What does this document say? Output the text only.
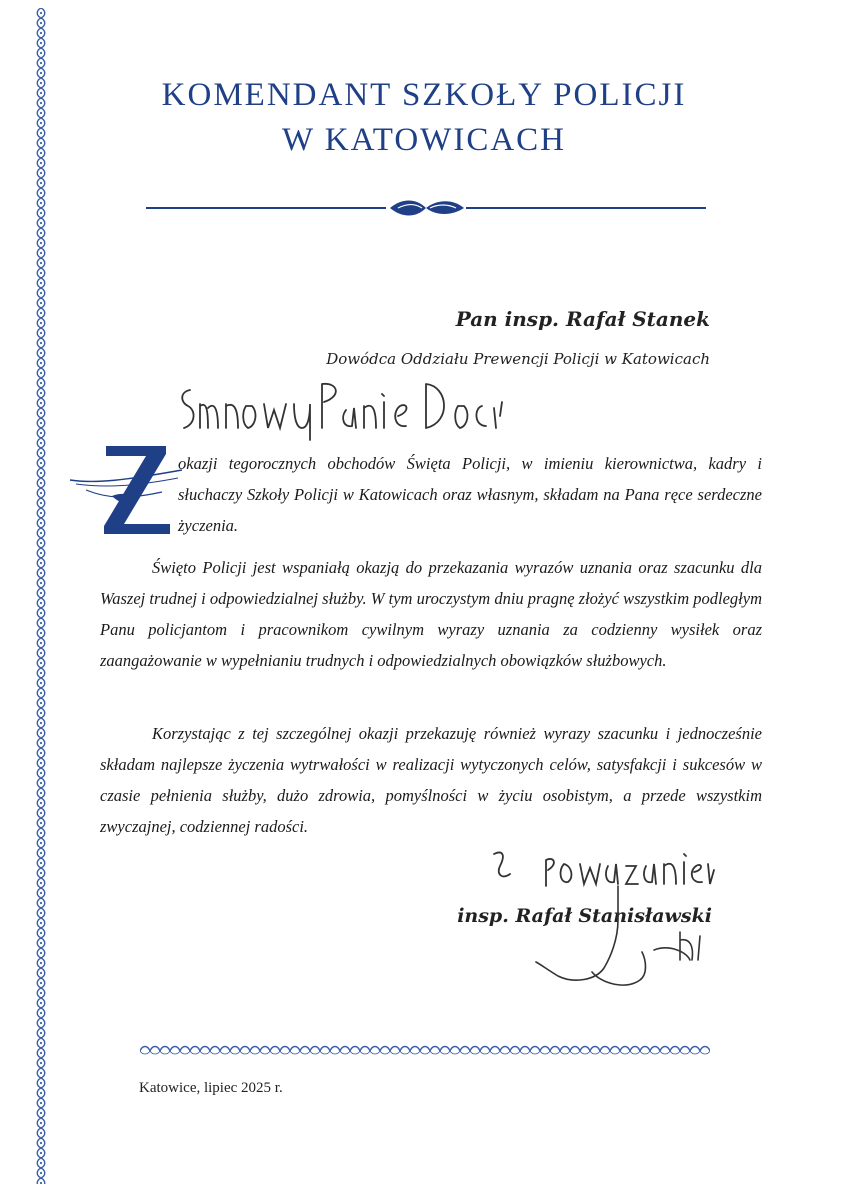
KOMENDANT SZKOŁY POLICJI
W KATOWICACH
Pan insp. Rafał Stanek
Dowódca Oddziału Prewencji Policji w Katowicach
Z
okazji tegorocznych obchodów Święta Policji, w imieniu kierownictwa, kadry i słuchaczy Szkoły Policji w Katowicach oraz własnym, składam na Pana ręce serdeczne życzenia.
Święto Policji jest wspaniałą okazją do przekazania wyrazów uznania oraz szacunku dla Waszej trudnej i odpowiedzialnej służby. W tym uroczystym dniu pragnę złożyć wszystkim podległym Panu policjantom i pracownikom cywilnym wyrazy uznania za codzienny wysiłek oraz zaangażowanie w wypełnianiu trudnych i odpowiedzialnych obowiązków służbowych.
Korzystając z tej szczególnej okazji przekazuję również wyrazy szacunku i jednocześnie składam najlepsze życzenia wytrwałości w realizacji wytyczonych celów, satysfakcji i sukcesów w czasie pełnienia służby, dużo zdrowia, pomyślności w życiu osobistym, a przede wszystkim zwyczajnej, codziennej radości.
insp. Rafał Stanisławski
Katowice, lipiec 2025 r.
